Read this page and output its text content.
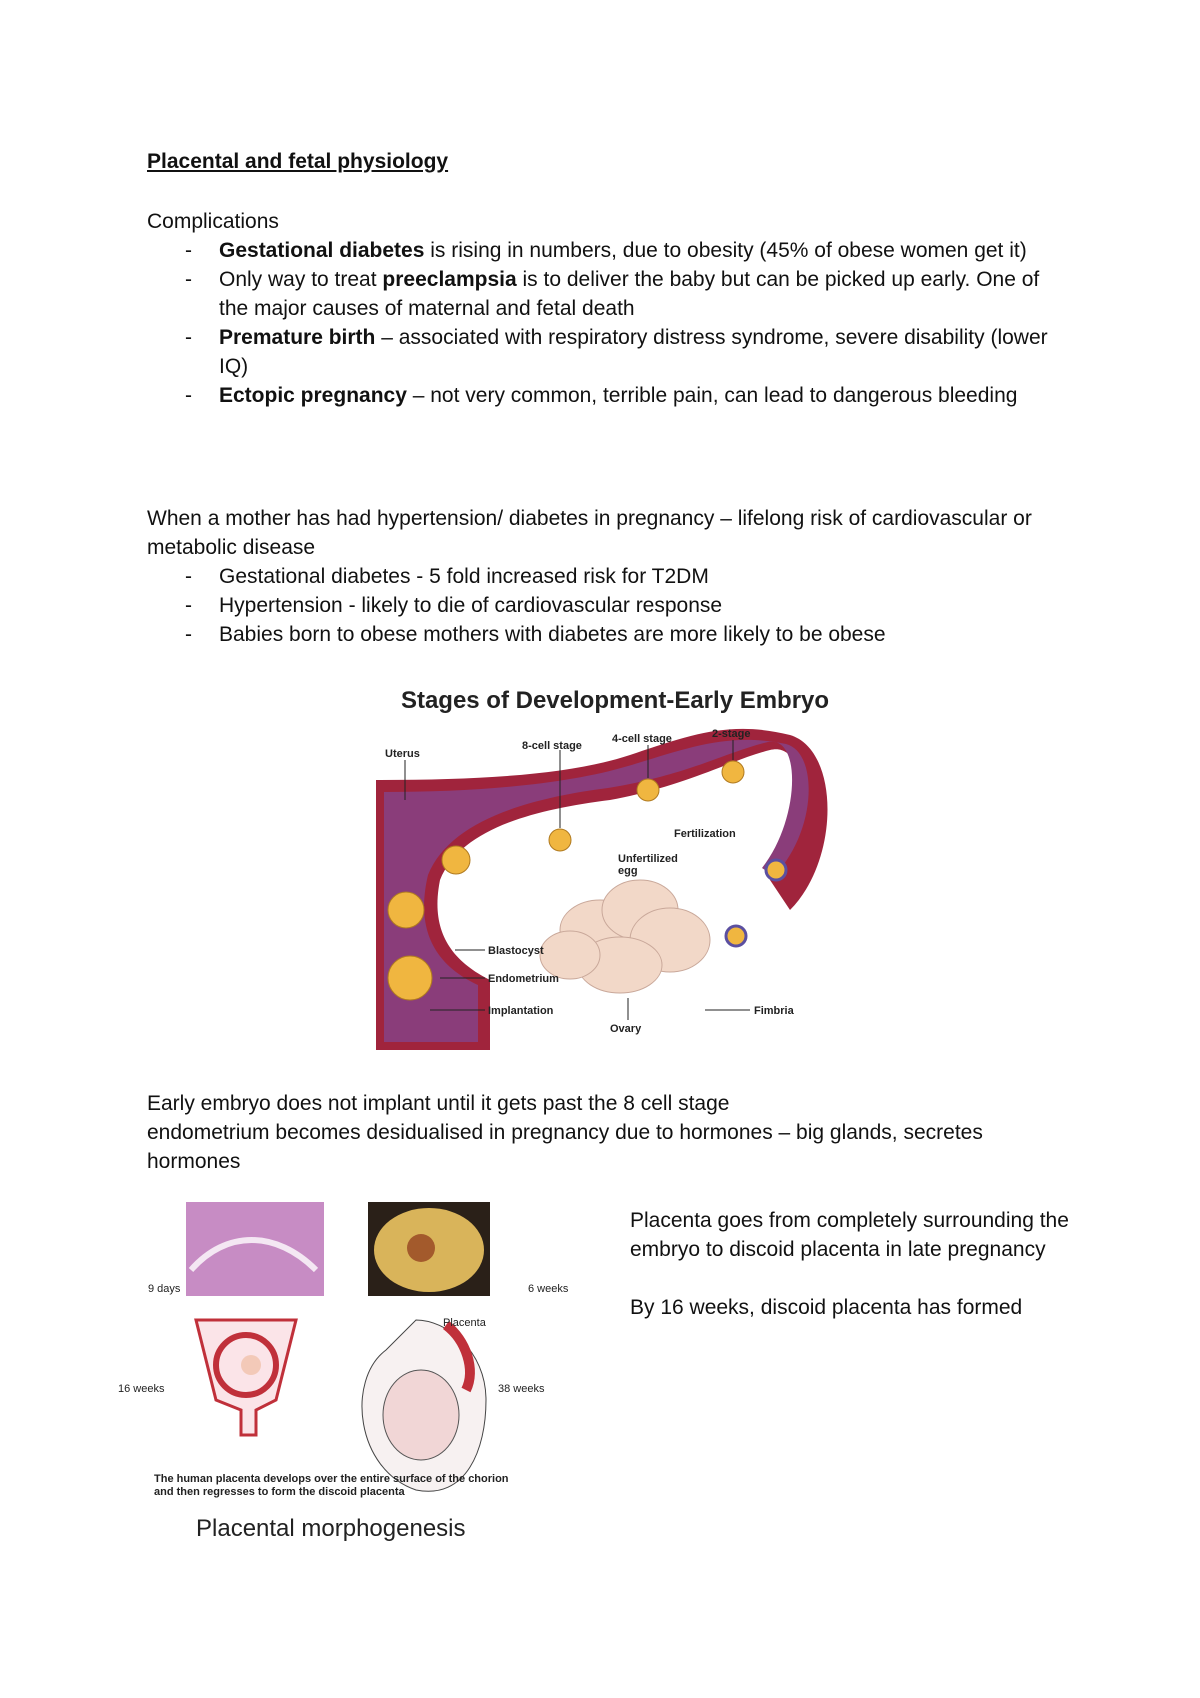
Placental and fetal physiology
Complications
- Gestational diabetes is rising in numbers, due to obesity (45% of obese women get it)
- Only way to treat preeclampsia is to deliver the baby but can be picked up early. One of the major causes of maternal and fetal death
- Premature birth – associated with respiratory distress syndrome, severe disability (lower IQ)
- Ectopic pregnancy – not very common, terrible pain, can lead to dangerous bleeding
When a mother has had hypertension/ diabetes in pregnancy – lifelong risk of cardiovascular or metabolic disease
- Gestational diabetes - 5 fold increased risk for T2DM
- Hypertension - likely to die of cardiovascular response
- Babies born to obese mothers with diabetes are more likely to be obese
Stages of Development-Early Embryo
Uterus
8-cell stage
4-cell stage	2-stage
Fertilization
Unfertilized
egg
Blastocyst
Endometrium
Implantation
Ovary
Fimbria
Early embryo does not implant until it gets past the 8 cell stage
endometrium becomes desidualised in pregnancy due to hormones – big glands, secretes hormones
9 days	6 weeks
16 weeks
Placenta
38 weeks
The human placenta develops over the entire surface of the chorion
and then regresses to form the discoid placenta
Placental morphogenesis
Placenta goes from completely surrounding the embryo to discoid placenta in late pregnancy
By 16 weeks, discoid placenta has formed
